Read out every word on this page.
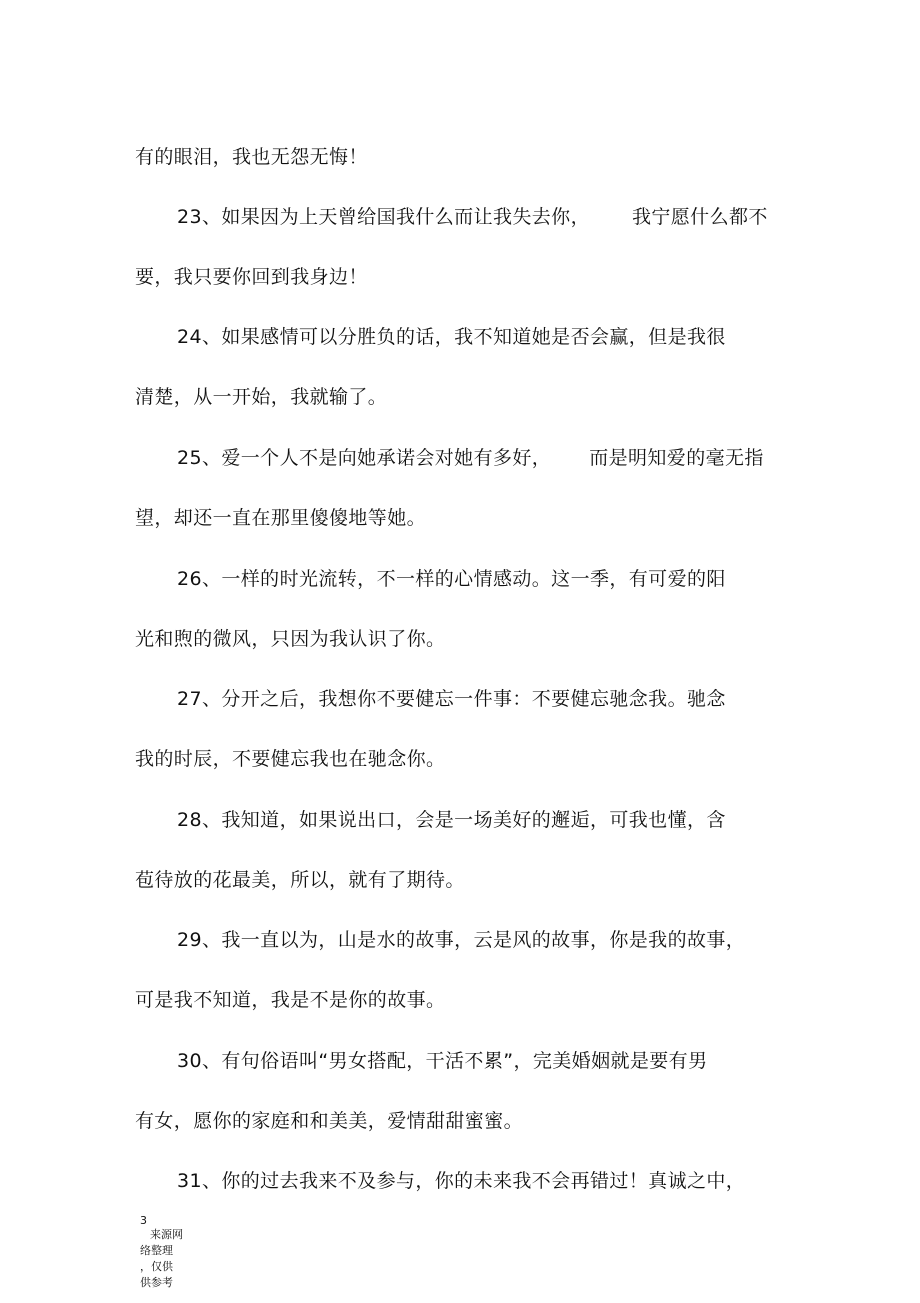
有的眼泪，我也无怨无悔！
23、如果因为上天曾给国我什么而让我失去你， 我宁愿什么都不
要，我只要你回到我身边！
24、如果感情可以分胜负的话，我不知道她是否会赢，但是我很
清楚，从一开始，我就输了。
25、爱一个人不是向她承诺会对她有多好， 而是明知爱的毫无指
望，却还一直在那里傻傻地等她。
26、一样的时光流转，不一样的心情感动。这一季，有可爱的阳
光和煦的微风，只因为我认识了你。
27、分开之后，我想你不要健忘一件事：不要健忘驰念我。驰念
我的时辰，不要健忘我也在驰念你。
28、我知道，如果说出口，会是一场美好的邂逅，可我也懂，含
苞待放的花最美，所以，就有了期待。
29、我一直以为，山是水的故事，云是风的故事，你是我的故事，
可是我不知道，我是不是你的故事。
30、有句俗语叫“男女搭配，干活不累”，完美婚姻就是要有男
有女，愿你的家庭和和美美，爱情甜甜蜜蜜。
31、你的过去我来不及参与，你的未来我不会再错过！真诚之中，
3
来源网
络整理
，仅供
供参考
